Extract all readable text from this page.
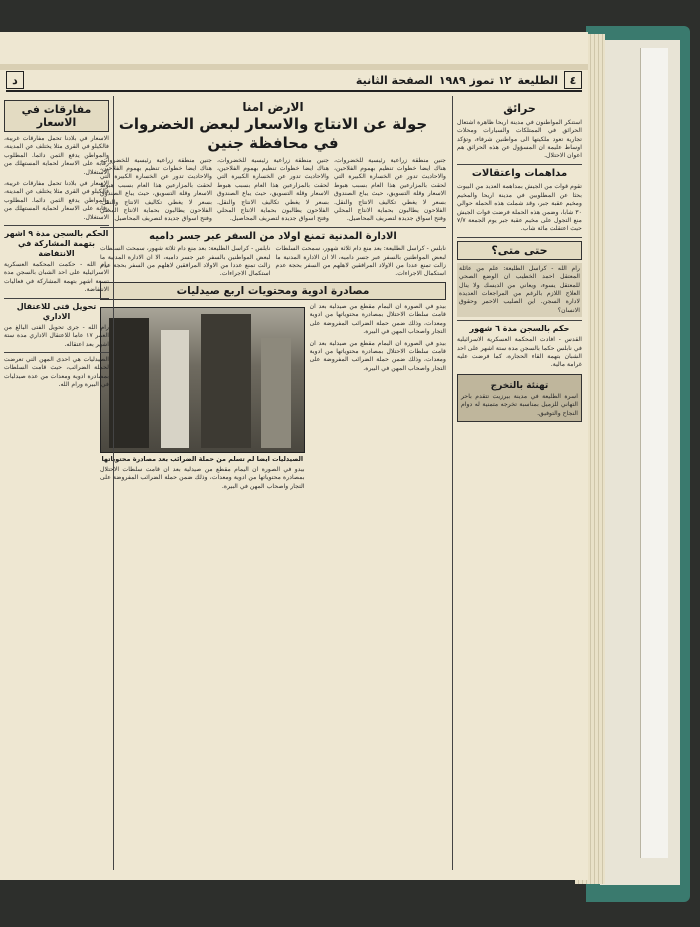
٤
الطليعة
١٢ تموز ١٩٨٩
الصفحة الثانية
د
حرائق
استنكر المواطنون في مدينة اريحا ظاهرة اشتعال الحرائق في الممتلكات والسيارات ومحلات تجارية تعود ملكيتها الى مواطنين شرفاء، وتؤكد اوساط عليمة ان المسؤول عن هذه الحرائق هم اعوان الاحتلال.
مداهمات واعتقالات
تقوم قوات من الجيش بمداهمة العديد من البيوت بحثا عن المطلوبين في مدينة اريحا والمخيم ومخيم عقبة جبر، وقد شملت هذه الحملة حوالي ٣٠ شابا، وضمن هذه الحملة فرضت قوات الجيش منع التجول على مخيم عقبة جبر يوم الجمعة ٧/٧ حيث اعتقلت مائة شاب.
حتى متى؟
رام الله - كراسل الطليعة: علم من عائلة المعتقل احمد الخطيب ان الوضع الصحي للمعتقل يسوء، ويعاني من الديسك ولا ينال العلاج اللازم بالرغم من المراجعات العديدة لادارة السجن. اين الصليب الاحمر وحقوق الانسان؟
حكم بالسجن مدة ٦ شهور
القدس - افادت المحكمة العسكرية الاسرائيلية في نابلس حكما بالسجن مدة ستة اشهر على احد الشبان بتهمة القاء الحجارة، كما فرضت عليه غرامة مالية.
تهنئة بالتخرج
اسرة الطليعة في مدينة بيرزيت تتقدم باحر التهاني للزميل بمناسبة تخرجه متمنية له دوام النجاح والتوفيق.
الارض امنا
جولة عن الانتاج والاسعار لبعض الخضروات
في محافظة جنين
جنين منطقة زراعية رئيسية للخضروات، هناك ايضا خطوات تنظيم بهموم الفلاحين، والاحاديث تدور عن الخسارة الكبيرة التي لحقت بالمزارعين هذا العام بسبب هبوط الاسعار وقلة التسويق، حيث يباع الصندوق بسعر لا يغطي تكاليف الانتاج والنقل. الفلاحون يطالبون بحماية الانتاج المحلي وفتح اسواق جديدة لتصريف المحاصيل.
جنين منطقة زراعية رئيسية للخضروات، هناك ايضا خطوات تنظيم بهموم الفلاحين، والاحاديث تدور عن الخسارة الكبيرة التي لحقت بالمزارعين هذا العام بسبب هبوط الاسعار وقلة التسويق، حيث يباع الصندوق بسعر لا يغطي تكاليف الانتاج والنقل. الفلاحون يطالبون بحماية الانتاج المحلي وفتح اسواق جديدة لتصريف المحاصيل.
جنين منطقة زراعية رئيسية للخضروات، هناك ايضا خطوات تنظيم بهموم الفلاحين، والاحاديث تدور عن الخسارة الكبيرة التي لحقت بالمزارعين هذا العام بسبب هبوط الاسعار وقلة التسويق، حيث يباع الصندوق بسعر لا يغطي تكاليف الانتاج والنقل. الفلاحون يطالبون بحماية الانتاج المحلي وفتح اسواق جديدة لتصريف المحاصيل.
الادارة المدنية تمنع اولاد من السفر عبر جسر داميه
نابلس - كراسل الطليعة: بعد منع دام ثلاثة شهور، سمحت السلطات لبعض المواطنين بالسفر عبر جسر داميه، الا ان الادارة المدنية ما زالت تمنع عددا من الاولاد المرافقين لاهلهم من السفر بحجة عدم استكمال الاجراءات.
نابلس - كراسل الطليعة: بعد منع دام ثلاثة شهور، سمحت السلطات لبعض المواطنين بالسفر عبر جسر داميه، الا ان الادارة المدنية ما زالت تمنع عددا من الاولاد المرافقين لاهلهم من السفر بحجة عدم استكمال الاجراءات.
مصادرة ادوية ومحتويات اربع صيدليات
بيدو في الصورة ان اليمام مقطع من صيدلية بعد ان قامت سلطات الاحتلال بمصادرة محتوياتها من ادوية ومعدات، وذلك ضمن حملة الضرائب المفروضة على التجار واصحاب المهن في البيرة.
بيدو في الصورة ان اليمام مقطع من صيدلية بعد ان قامت سلطات الاحتلال بمصادرة محتوياتها من ادوية ومعدات، وذلك ضمن حملة الضرائب المفروضة على التجار واصحاب المهن في البيرة.
الصيدليات ايضا لم تسلم من حملة الضرائب بعد مصادرة محتوياتها
بيدو في الصورة ان اليمام مقطع من صيدلية بعد ان قامت سلطات الاحتلال بمصادرة محتوياتها من ادوية ومعدات، وذلك ضمن حملة الضرائب المفروضة على التجار واصحاب المهن في البيرة.
مفارقات في الاسعار
الاسعار في بلادنا تحمل مفارقات غريبة، فالكيلو في القرى مثلا يختلف عن المدينة، والمواطن يدفع الثمن دائما. المطلوب رقابة على الاسعار لحماية المستهلك من الاستغلال.
الاسعار في بلادنا تحمل مفارقات غريبة، فالكيلو في القرى مثلا يختلف عن المدينة، والمواطن يدفع الثمن دائما. المطلوب رقابة على الاسعار لحماية المستهلك من الاستغلال.
الحكم بالسجن مدة ٩ اشهر بتهمة المشاركة في الانتفاضة
رام الله - حكمت المحكمة العسكرية الاسرائيلية على احد الشبان بالسجن مدة تسعة اشهر بتهمة المشاركة في فعاليات الانتفاضة.
تحويل فتى للاعتقال الاداري
رام الله - جرى تحويل الفتى البالغ من العمر ١٧ عاما للاعتقال الاداري مدة ستة اشهر بعد اعتقاله.
الصيدليات هي احدى المهن التي تعرضت لحملة الضرائب، حيث قامت السلطات بمصادرة ادوية ومعدات من عدة صيدليات في البيرة ورام الله.
